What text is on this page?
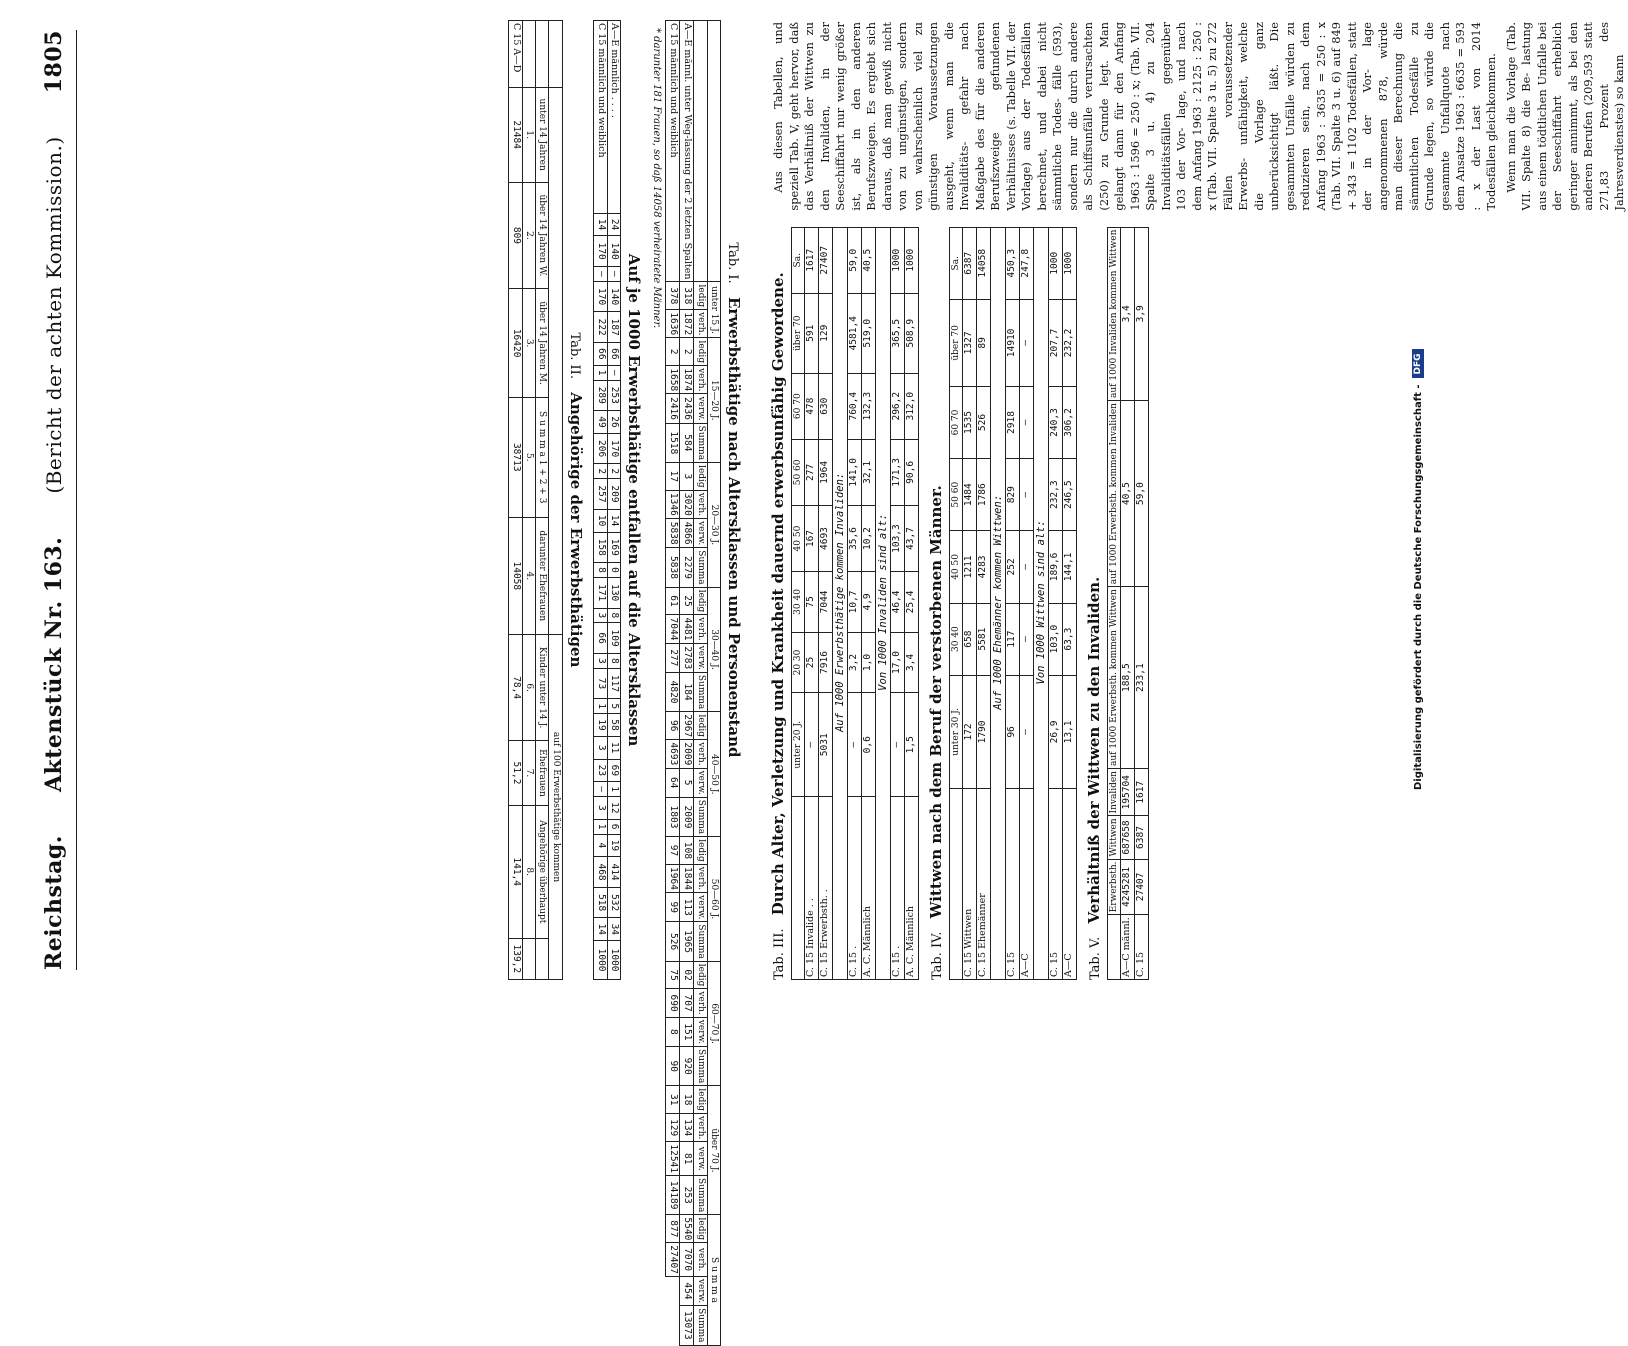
Reichstag.
Aktenstück Nr. 163.
(Bericht der achten Kommission.)
1805
Digitalisierung gefördert durch die Deutsche Forschungsgemeinschaft -
DFG
Tab. I. Erwerbsthätige nach Altersklassen und Personenstand
	unter 15 J.		15—20 J.				20—30 J.				30—40 J.				40—50 J.				50—60 J.				60—70 J.				über 70 J.				S u m m a			
	ledig	verh.	ledig	verh.	verw.	Summa	ledig	verh.	verw.	Summa	ledig	verh.	verw.	Summa	ledig	verh.	verw.	Summa	ledig	verh.	verw.	Summa	ledig	verh.	verw.	Summa	ledig	verh.	verw.	Summa	ledig	verh.	verw.	Summa
A—E männl. unter Weg-lassung der 2 letzten Spalten	318	1872	2	1874	2436	584	3	3020	4866	2279	25	4481	2783	184	2967	2009	5	2009	108	1844	113	1965	02	707	151	920	18	134	81	253	5540	7070	454	13073
C 15 männlich und weiblich	378	1636	2	1658	2416	1518	17	1346	5838	5838	61	7044	277	4820	96	4693	64	1803	97	1964	99	526	75	690	8	90	31	129	12541	14189	877	27407		
* darunter 181 Frauen, so daß 14058 verheiratete Männer.
Auf je 1000 Erwerbsthätige entfallen auf die Altersklassen
A—E männlich . . . .	24	140	—	140	187	66	—	253	26	170	2	209	14	169	0	130	8	109	8	117	5	58	11	69	1	12	6	19	414	532	34	1000
C 15 männlich und weiblich	14	170	—	170	222	66	1	289	49	206	2	257	10	158	8	171	3	66	3	73	1	19	3	23	—	3	1	4	468	518	14	1000
Tab. II. Angehörige der Erwerbsthätigen
						auf 100 Erwerbsthätige kommen			
	unter 14 Jahren	über 14 Jahren W.	über 14 Jahren M.	S u m m a 1 + 2 + 3	darunter Ehefrauen	Kinder unter 14 J.	Ehefrauen	Angehörige überhaupt	
	1.	2.	3.	5.	4.	6.	7.	8.	
C 15 A—D	21484	809	16420	38713	14058	78,4	51,2	141,4	139,2	Tab. III. Durch Alter, Verletzung und Krankheit dauernd erwerbsunfähig Gewordene.
	unter 20 J.	20 30	30 40	40 50	50 60	60 70	über 70	Sa.
C. 15 Invalide . .	—	25	75	167	277	478	591	1617
C. 15 Erwerbsth. .	5031	7916	7044	4693	1964	630	129	27407
Auf 1000 Erwerbsthätige kommen Invaliden:								
C. 15 .	—	3,2	10,7	35,6	141,0	760,4	4581,4	59,0
A. C. Männlich	0,6	1,0	4,9	10,2	32,1	132,3	519,0	40,5
Von 1000 Invaliden sind alt:								
C. 15 .	—	17,0	46,4	103,3	171,3	296,2	365,5	1000
A. C. Männlich	1,5	3,4	25,4	43,7	90,6	312,0	508,9	1000
Tab. IV. Wittwen nach dem Beruf der verstorbenen Männer.
	unter 30 J.	30 40	40 50	50 60	60 70	über 70	Sa.
C. 15 Wittwen	172	658	1211	1484	1535	1327	6387
C. 15 Ehemänner	1790	5581	4283	1786	526	89	14058
Auf 1000 Ehemänner kommen Wittwen:							
C. 15	96	117	252	829	2918	14910	450,3
A—C	—	—	—	—	—	—	247,8
Von 1000 Wittwen sind alt:							
C. 15	26,9	103,0	189,6	232,3	240,3	207,7	1000
A—C	13,1	63,3	144,1	246,5	306,2	232,2	1000
Tab. V. Verhältniß der Wittwen zu den Invaliden.
	Erwerbsth.	Wittwen	Invaliden	auf 1000 Erwerbsth. kommen Wittwen	auf 1000 Erwerbsth. kommen Invaliden	auf 1000 Invaliden kommen Wittwen
A—C männl.	4245281	687658	195704	188,5	40,5	3,4
C. 15	27407	6387	1617	233,1	59,0	3,9

Aus diesen Tabellen, und speziell Tab. V, geht hervor, daß das Verhältniß der Wittwen zu den Invaliden, in der Seeschiffahrt nur wenig größer ist, als in den anderen Berufszweigen. Es ergiebt sich daraus, daß man gewiß nicht von zu ungünstigen, sondern von wahrscheinlich viel zu günstigen Voraussetzungen ausgeht, wenn man die Invaliditäts- gefahr nach Maßgabe des für die anderen Berufszweige gefundenen Verhältnisses (s. Tabelle VII. der Vorlage) aus der Todesfällen berechnet, und dabei nicht sämmtliche Todes- fälle (593), sondern nur die durch andere als Schiffsunfälle verursachten (250) zu Grunde legt. Man gelangt dann für den Anfang 1963 : 1596 = 250 : x; (Tab. VII. Spalte 3 u. 4) zu 204 Invaliditätsfällen gegenüber 103 der Vor- lage, und nach dem Anfang 1963 : 2125 : 250 : x (Tab. VII. Spalte 3 u. 5) zu 272 Fällen voraussetzender Erwerbs- unfähigkeit, welche die Vorlage ganz unberücksichtigt läßt. Die gesammten Unfälle würden zu reduzieren sein, nach dem Anfang 1963 : 3635 = 250 : x (Tab. VII. Spalte 3 u. 6) auf 849 + 343 = 1102 Todesfällen, statt der in der Vor- lage angenommenen 878, würde man dieser Berechnung die sämmtlichen Todesfälle zu Grunde legen, so würde die gesammte Unfallquote nach dem Ansatze 1963 : 6635 = 593 : x der Last von 2014 Todesfällen gleichkommen. Wenn man die Vorlage (Tab. VII. Spalte 8) die Be- lastung aus einem tödtlichen Unfalle bei der Seeschiffahrt erheblich geringer annimmt, als bei den anderen Berufen (209,593 statt 271,83 Prozent des Jahresverdienstes) so kann
